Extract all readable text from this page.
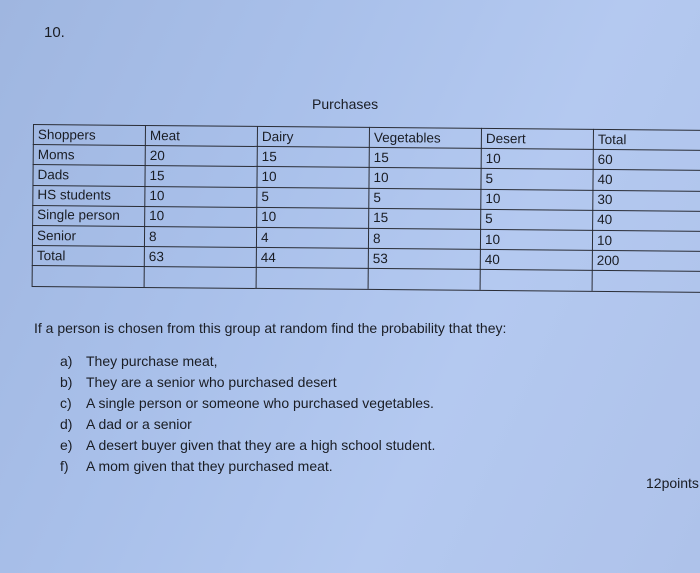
10.
Purchases
Shoppers	Meat	Dairy	Vegetables	Desert	Total
Moms	20	15	15	10	60
Dads	15	10	10	5	40
HS students	10	5	5	10	30
Single person 10	10	15	5	40
Senior	8	4	8	10	10
Total	63	44	53	40	200
If a person is chosen from this group at random find the probability that they:
a) They purchase meat,
b) They are a senior who purchased desert
c) A single person or someone who purchased vegetables.
d) A dad or a senior
e) A desert buyer given that they are a high school student.
f) A mom given that they purchased meat.
12points
